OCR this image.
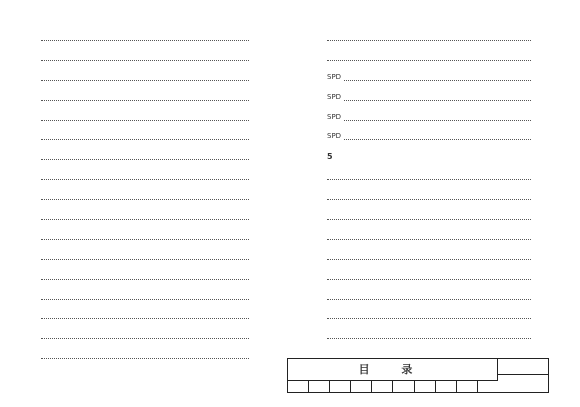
SPD
SPD
SPD
SPD
5
目 录
